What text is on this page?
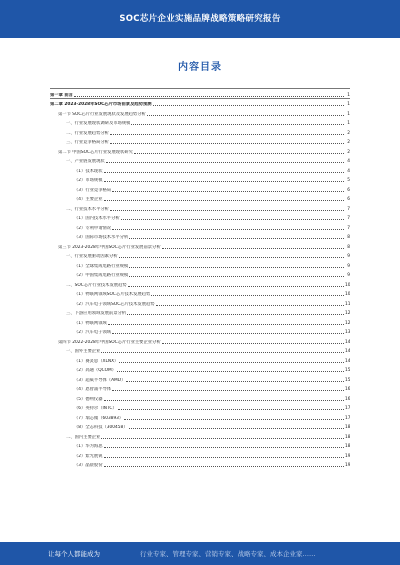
SOC芯片企业实施品牌战略策略研究报告
内容目录
第一章 前言	1
第二章 2023-2028年SOC芯片市场前景及趋势预测	1
第一节 SOC芯片行业发展现状及发展趋势分析	1
一、行业发展现状调研及市场规模	1
二、行业发展趋势分析	2
三、行业竞争格局分析	2
第二节 中国SOC芯片行业发展现状研究	2
一、产业链发展现状	4
（1）技术现状	4
（2）市场规模	5
（3）行业竞争格局	6
（4）主要企业	6
二、行业技术水平分析	7
（1）国内技术水平分析	7
（2）专利申请情况	7
（3）国际市场技术水平分析	8
第三节 2023-2028年中国SOC芯片行业发展前景分析	8
一、行业发展驱动因素分析	9
（1）全球集成电路行业规模	9
（2）中国集成电路行业规模	9
二、SOC芯片行业技术发展趋势	10
（1）物联网领域SOC芯片技术发展趋势	10
（2）汽车电子领域SOC芯片技术发展趋势	11
三、下游应用领域发展前景分析	12
（1）物联网领域	12
（2）汽车电子领域	13
第四节 2022-2028年中国SOC芯片行业主要企业分析	14
一、国外主要企业	14
（1）赛灵思（XLNX）	14
（2）高通（QCOM）	15
（3）超威半导体（AMD）	15
（4）恩智浦半导体	16
（5）德州仪器	16
（6）英特尔（INTC）	17
（7）瑞芯微（603893）	17
（8）全志科技（300458）	18
二、国内主要企业	18
（1）华为海思	18
（2）紫光展锐	19
（3）晶晨股份	19
让每个人都能成为	行业专家、管理专家、营销专家、战略专家、成本企业家……
